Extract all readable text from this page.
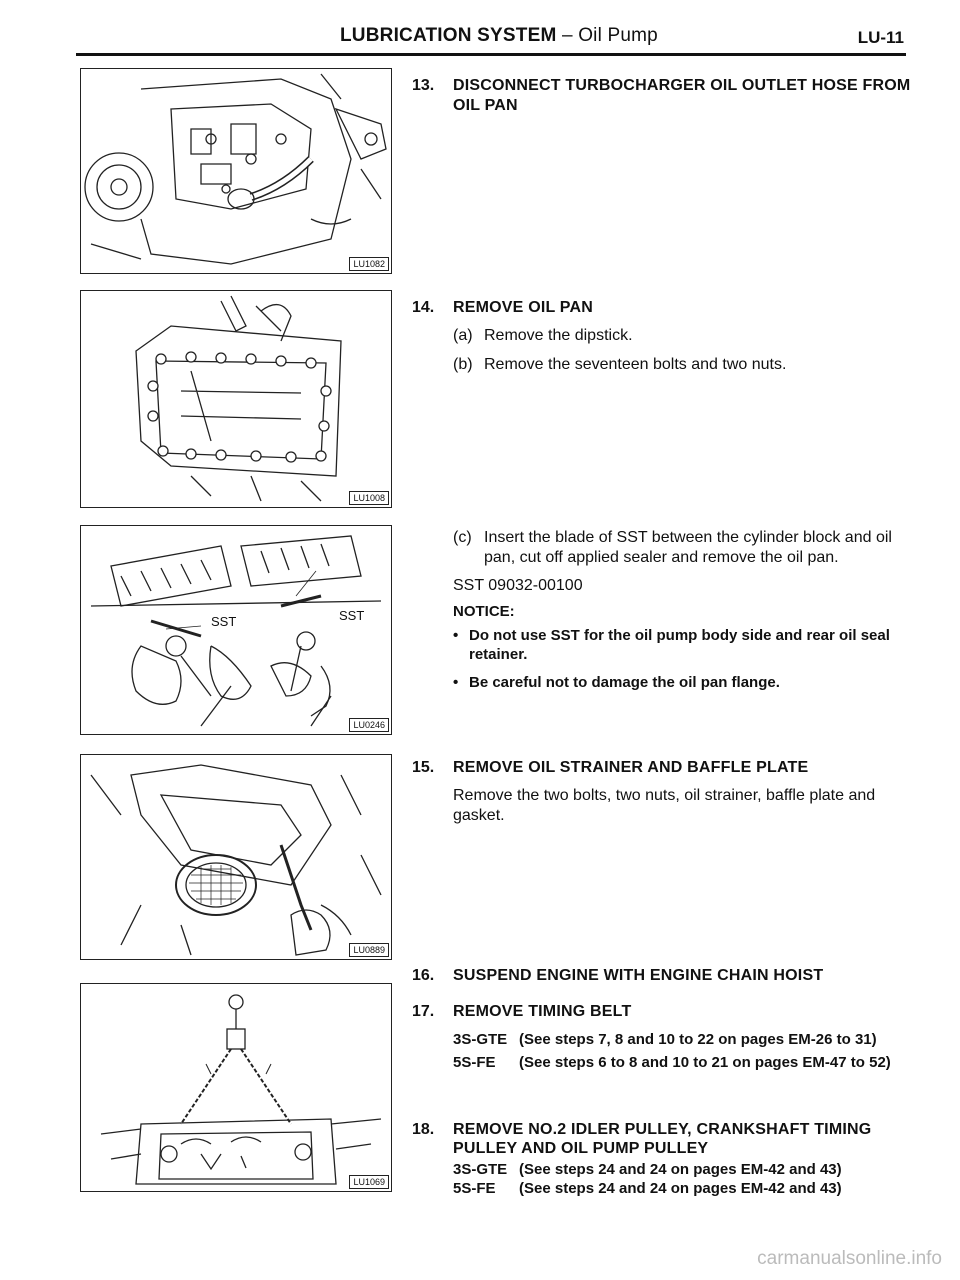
LUBRICATION SYSTEM – Oil Pump	LU-11
LU1082
LU1008
SST	SST
LU0246
LU0889
LU1069
13. DISCONNECT TURBOCHARGER OIL OUTLET HOSE FROM OIL PAN
14. REMOVE OIL PAN
(a) Remove the dipstick.
(b) Remove the seventeen bolts and two nuts.
(c) Insert the blade of SST between the cylinder block and oil pan, cut off applied sealer and remove the oil pan.
SST 09032-00100
NOTICE:
• Do not use SST for the oil pump body side and rear oil seal retainer.
• Be careful not to damage the oil pan flange.
15. REMOVE OIL STRAINER AND BAFFLE PLATE
Remove the two bolts, two nuts, oil strainer, baffle plate and gasket.
16. SUSPEND ENGINE WITH ENGINE CHAIN HOIST
17. REMOVE TIMING BELT
3S-GTE (See steps 7, 8 and 10 to 22 on pages EM-26 to 31)
5S-FE (See steps 6 to 8 and 10 to 21 on pages EM-47 to 52)
18. REMOVE NO.2 IDLER PULLEY, CRANKSHAFT TIMING PULLEY AND OIL PUMP PULLEY
3S-GTE (See steps 24 and 24 on pages EM-42 and 43)
5S-FE (See steps 24 and 24 on pages EM-42 and 43)
carmanualsonline.info
